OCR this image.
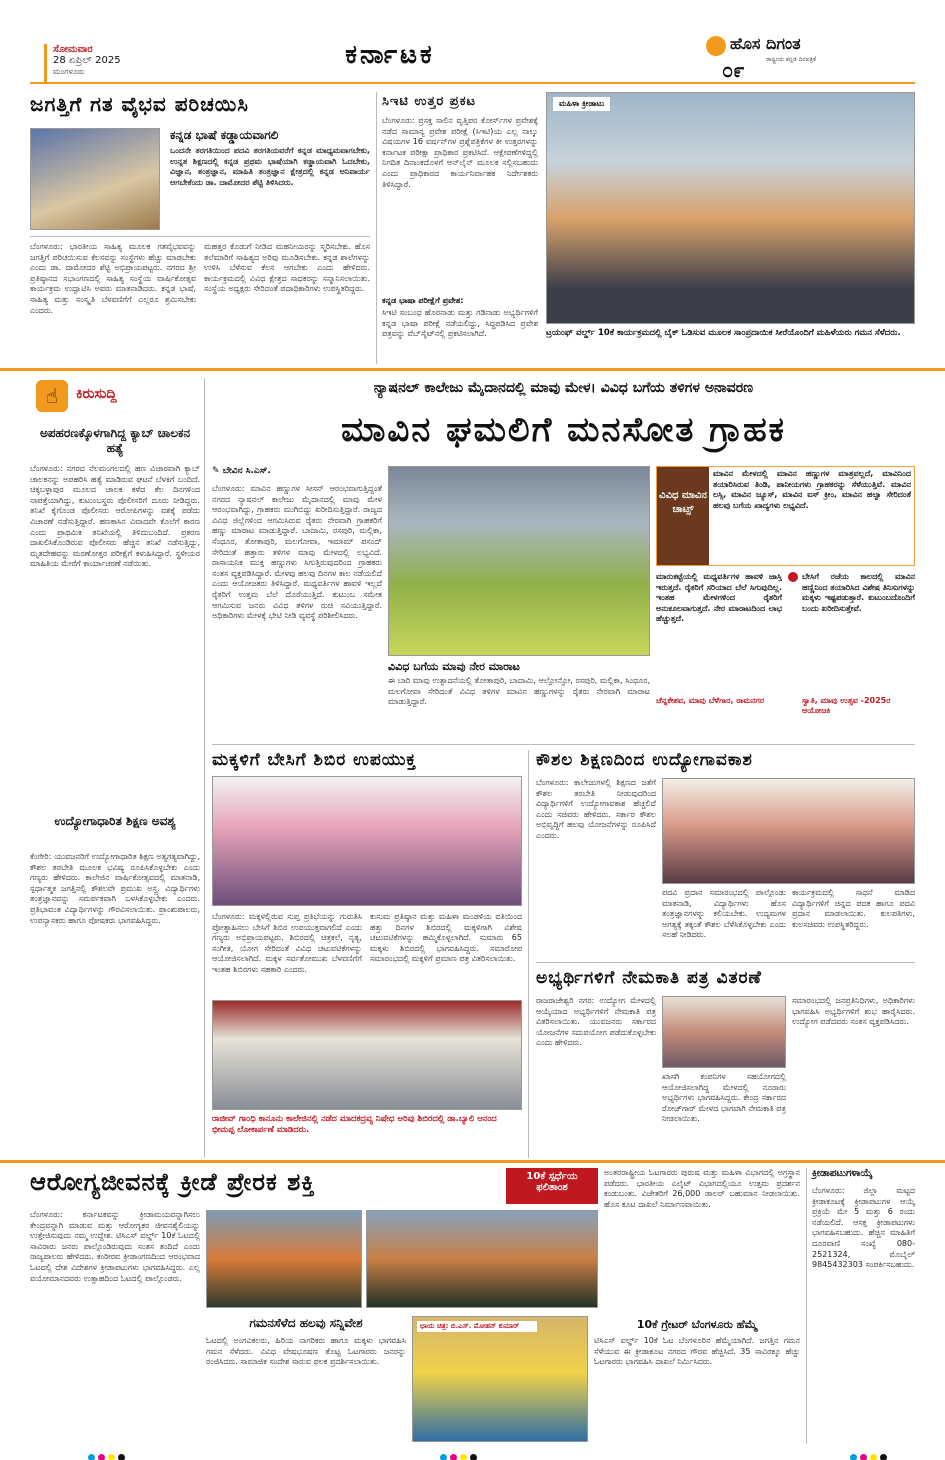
ಸೋಮವಾರ
28 ಏಪ್ರಿಲ್ 2025
ಮಂಗಳೂರು
ಕರ್ನಾಟಕ	ಹೊಸ ದಿಗಂತ
ರಾಷ್ಟ್ರೀಯ ಕನ್ನಡ ದಿನಪತ್ರಿಕೆ
೦೯
ಜಗತ್ತಿಗೆ ಗತ ವೈಭವ ಪರಿಚಯಿಸಿ
ಕನ್ನಡ ಭಾಷೆ ಕಡ್ಡಾಯವಾಗಲಿ
ಒಂದನೇ ತರಗತಿಯಿಂದ ಪದವಿ ತರಗತಿಯವರೆಗೆ ಕನ್ನಡ ಮಾಧ್ಯಮವಾಗಬೇಕು, ಉನ್ನತ ಶಿಕ್ಷಣದಲ್ಲಿ ಕನ್ನಡ ಪ್ರಥಮ ಭಾಷೆಯಾಗಿ ಕಡ್ಡಾಯವಾಗಿ ಓದಬೇಕು, ವಿಜ್ಞಾನ, ತಂತ್ರಜ್ಞಾನ, ಮಾಹಿತಿ ತಂತ್ರಜ್ಞಾನ ಕ್ಷೇತ್ರದಲ್ಲಿ ಕನ್ನಡ ಅನಿವಾರ್ಯ ಆಗಬೇಕೆಂದು ಡಾ. ದಾಮೋದರ ಶೆಟ್ಟಿ ತಿಳಿಸಿದರು.
ಬೆಂಗಳೂರು: ಭಾರತೀಯ ಸಾಹಿತ್ಯ ಮೂಲಕ ಗತವೈಭವವನ್ನು ಜಗತ್ತಿಗೆ ಪರಿಚಯಿಸುವ ಕೆಲಸವನ್ನು ಸಂಸ್ಥೆಗಳು ಹೆಚ್ಚು ಮಾಡಬೇಕು ಎಂದು ಡಾ. ದಾಮೋದರ ಶೆಟ್ಟಿ ಅಭಿಪ್ರಾಯಪಟ್ಟರು. ನಗರದ ಶ್ರೀ ಪ್ರತಿಷ್ಠಾನದ ಸಭಾಂಗಣದಲ್ಲಿ ಸಾಹಿತ್ಯ ಸಂಸ್ಥೆಯ ವಾರ್ಷಿಕೋತ್ಸವ ಕಾರ್ಯಕ್ರಮ ಉದ್ಘಾಟಿಸಿ ಅವರು ಮಾತನಾಡಿದರು. ಕನ್ನಡ ಭಾಷೆ, ಸಾಹಿತ್ಯ ಮತ್ತು ಸಂಸ್ಕೃತಿ ಬೆಳವಣಿಗೆಗೆ ಎಲ್ಲರೂ ಶ್ರಮಿಸಬೇಕು ಎಂದರು.
ಮಹತ್ತರ ಕೊಡುಗೆ ನೀಡಿದ ಮಹನೀಯರನ್ನು ಸ್ಮರಿಸಬೇಕು. ಹೊಸ ತಲೆಮಾರಿಗೆ ಸಾಹಿತ್ಯದ ಅರಿವು ಮೂಡಿಸಬೇಕು. ಕನ್ನಡ ಶಾಲೆಗಳನ್ನು ಉಳಿಸಿ ಬೆಳೆಸುವ ಕೆಲಸ ಆಗಬೇಕು ಎಂದು ಹೇಳಿದರು. ಕಾರ್ಯಕ್ರಮದಲ್ಲಿ ವಿವಿಧ ಕ್ಷೇತ್ರದ ಸಾಧಕರನ್ನು ಸನ್ಮಾನಿಸಲಾಯಿತು. ಸಂಸ್ಥೆಯ ಅಧ್ಯಕ್ಷರು ಸೇರಿದಂತೆ ಪದಾಧಿಕಾರಿಗಳು ಉಪಸ್ಥಿತರಿದ್ದರು.
ಸಿಇಟಿ ಉತ್ತರ ಪ್ರಕಟ
ಬೆಂಗಳೂರು: ಪ್ರಸಕ್ತ ಸಾಲಿನ ವೃತ್ತಿಪರ ಕೋರ್ಸ್‌ಗಳ ಪ್ರವೇಶಕ್ಕೆ ನಡೆದ ಸಾಮಾನ್ಯ ಪ್ರವೇಶ ಪರೀಕ್ಷೆ (ಸಿಇಟಿ)ಯ ಎಲ್ಲ ನಾಲ್ಕು ವಿಷಯಗಳ 16 ವರ್ಷನ್‌ಗಳ ಪ್ರಶ್ನೆಪತ್ರಿಕೆಗಳ ಕೀ ಉತ್ತರಗಳನ್ನು ಕರ್ನಾಟಕ ಪರೀಕ್ಷಾ ಪ್ರಾಧಿಕಾರ ಪ್ರಕಟಿಸಿದೆ. ಆಕ್ಷೇಪಣೆಗಳಿದ್ದಲ್ಲಿ ನಿಗದಿತ ದಿನಾಂಕದೊಳಗೆ ಆನ್‌ಲೈನ್ ಮೂಲಕ ಸಲ್ಲಿಸಬಹುದು ಎಂದು ಪ್ರಾಧಿಕಾರದ ಕಾರ್ಯನಿರ್ವಾಹಕ ನಿರ್ದೇಶಕರು ತಿಳಿಸಿದ್ದಾರೆ.
ಕನ್ನಡ ಭಾಷಾ ಪರೀಕ್ಷೆಗೆ ಪ್ರವೇಶ:
ಸಿಇಟಿ ಸಂಬಂಧ ಹೊರನಾಡು ಮತ್ತು ಗಡಿನಾಡು ಅಭ್ಯರ್ಥಿಗಳಿಗೆ ಕನ್ನಡ ಭಾಷಾ ಪರೀಕ್ಷೆ ನಡೆಯಲಿದ್ದು, ಸಿದ್ಧಪಡಿಸಿದ ಪ್ರವೇಶ ಪತ್ರವನ್ನು ವೆಬ್‌ಸೈಟ್‌ನಲ್ಲಿ ಪ್ರಕಟಿಸಲಾಗಿದೆ.
ಮಹಿಳಾ ಕ್ರೀಡಾಟು
ಟ್ರಯಂಫ್ ವರ್ಲ್ಡ್ 10ಕೆ ಕಾರ್ಯಕ್ರಮದಲ್ಲಿ ಬೈಕ್ ಓಡಿಸುವ ಮೂಲಕ ಸಾಂಪ್ರದಾಯಿಕ ಸೀರೆಯೊಂದಿಗೆ ಮಹಿಳೆಯರು ಗಮನ ಸೆಳೆದರು.
☝	ಕಿರುಸುದ್ದಿ
ಅಪಹರಣಕ್ಕೊಳಗಾಗಿದ್ದ ಕ್ಯಾಬ್ ಚಾಲಕನ ಹತ್ಯೆ
ಬೆಂಗಳೂರು: ನಗರದ ನೆಲಮಂಗಲದಲ್ಲಿ ಹಣ ವಿಚಾರವಾಗಿ ಕ್ಯಾಬ್ ಚಾಲಕನನ್ನು ಅಪಹರಿಸಿ ಹತ್ಯೆ ಮಾಡಿರುವ ಘಟನೆ ಬೆಳಕಿಗೆ ಬಂದಿದೆ. ಚಿಕ್ಕಬಳ್ಳಾಪುರ ಮೂಲದ ಚಾಲಕ ಕಳೆದ ಕೆಲ ದಿನಗಳಿಂದ ನಾಪತ್ತೆಯಾಗಿದ್ದು, ಕುಟುಂಬಸ್ಥರು ಪೊಲೀಸರಿಗೆ ದೂರು ನೀಡಿದ್ದರು. ತನಿಖೆ ಕೈಗೊಂಡ ಪೊಲೀಸರು ಆರೋಪಿಗಳನ್ನು ವಶಕ್ಕೆ ಪಡೆದು ವಿಚಾರಣೆ ನಡೆಸುತ್ತಿದ್ದಾರೆ. ಹಣಕಾಸಿನ ವಿವಾದವೇ ಕೊಲೆಗೆ ಕಾರಣ ಎಂದು ಪ್ರಾಥಮಿಕ ತನಿಖೆಯಲ್ಲಿ ತಿಳಿದುಬಂದಿದೆ. ಪ್ರಕರಣ ದಾಖಲಿಸಿಕೊಂಡಿರುವ ಪೊಲೀಸರು ಹೆಚ್ಚಿನ ತನಿಖೆ ನಡೆಸುತ್ತಿದ್ದು, ಮೃತದೇಹವನ್ನು ಮರಣೋತ್ತರ ಪರೀಕ್ಷೆಗೆ ಕಳುಹಿಸಿದ್ದಾರೆ. ಸ್ಥಳೀಯರ ಮಾಹಿತಿಯ ಮೇರೆಗೆ ಕಾರ್ಯಾಚರಣೆ ನಡೆಯಿತು.
ಉದ್ಯೋಗಾಧಾರಿತ ಶಿಕ್ಷಣ ಅವಶ್ಯ
ಕೆಂಗೇರಿ: ಯುವಜನರಿಗೆ ಉದ್ಯೋಗಾಧಾರಿತ ಶಿಕ್ಷಣ ಅತ್ಯಗತ್ಯವಾಗಿದ್ದು, ಕೌಶಲ ತರಬೇತಿ ಮೂಲಕ ಭವಿಷ್ಯ ರೂಪಿಸಿಕೊಳ್ಳಬೇಕು ಎಂದು ಗಣ್ಯರು ಹೇಳಿದರು. ಕಾಲೇಜಿನ ವಾರ್ಷಿಕೋತ್ಸವದಲ್ಲಿ ಮಾತನಾಡಿ, ಸ್ಪರ್ಧಾತ್ಮಕ ಜಗತ್ತಿನಲ್ಲಿ ಕೌಶಲವೇ ಪ್ರಮುಖ ಅಸ್ತ್ರ. ವಿದ್ಯಾರ್ಥಿಗಳು ತಂತ್ರಜ್ಞಾನವನ್ನು ಸಮರ್ಪಕವಾಗಿ ಬಳಸಿಕೊಳ್ಳಬೇಕು ಎಂದರು. ಪ್ರತಿಭಾವಂತ ವಿದ್ಯಾರ್ಥಿಗಳನ್ನು ಗೌರವಿಸಲಾಯಿತು. ಪ್ರಾಂಶುಪಾಲರು, ಉಪನ್ಯಾಸಕರು ಹಾಗೂ ಪೋಷಕರು ಭಾಗವಹಿಸಿದ್ದರು.
ನ್ಯಾಷನಲ್ ಕಾಲೇಜು ಮೈದಾನದಲ್ಲಿ ಮಾವು ಮೇಳ। ವಿವಿಧ ಬಗೆಯ ತಳಿಗಳ ಅನಾವರಣ
ಮಾವಿನ ಘಮಲಿಗೆ ಮನಸೋತ ಗ್ರಾಹಕ
✎ ಬೇವಿನ ಸಿ.ಎಸ್.
ಬೆಂಗಳೂರು: ಮಾವಿನ ಹಣ್ಣುಗಳ ಸೀಸನ್ ಆರಂಭವಾಗುತ್ತಿದ್ದಂತೆ ನಗರದ ನ್ಯಾಷನಲ್ ಕಾಲೇಜು ಮೈದಾನದಲ್ಲಿ ಮಾವು ಮೇಳ ಆರಂಭವಾಗಿದ್ದು, ಗ್ರಾಹಕರು ಮುಗಿಬಿದ್ದು ಖರೀದಿಸುತ್ತಿದ್ದಾರೆ. ರಾಜ್ಯದ ವಿವಿಧ ಜಿಲ್ಲೆಗಳಿಂದ ಆಗಮಿಸಿರುವ ರೈತರು ನೇರವಾಗಿ ಗ್ರಾಹಕರಿಗೆ ಹಣ್ಣು ಮಾರಾಟ ಮಾಡುತ್ತಿದ್ದಾರೆ. ಬಾದಾಮಿ, ರಸಪುರಿ, ಮಲ್ಲಿಕಾ, ಸೆಂಧೂರ, ತೋತಾಪುರಿ, ಮಲಗೋವಾ, ಇಮಾಮ್ ಪಸಂದ್ ಸೇರಿದಂತೆ ಹತ್ತಾರು ತಳಿಗಳ ಮಾವು ಮೇಳದಲ್ಲಿ ಲಭ್ಯವಿದೆ. ರಾಸಾಯನಿಕ ಮುಕ್ತ ಹಣ್ಣುಗಳು ಸಿಗುತ್ತಿರುವುದರಿಂದ ಗ್ರಾಹಕರು ಸಂತಸ ವ್ಯಕ್ತಪಡಿಸಿದ್ದಾರೆ. ಮೇಳವು ಹಲವು ದಿನಗಳ ಕಾಲ ನಡೆಯಲಿದೆ ಎಂದು ಆಯೋಜಕರು ತಿಳಿಸಿದ್ದಾರೆ. ಮಧ್ಯವರ್ತಿಗಳ ಹಾವಳಿ ಇಲ್ಲದೆ ರೈತರಿಗೆ ಉತ್ತಮ ಬೆಲೆ ದೊರೆಯುತ್ತಿದೆ. ಕುಟುಂಬ ಸಮೇತ ಆಗಮಿಸುವ ಜನರು ವಿವಿಧ ತಳಿಗಳ ರುಚಿ ಸವಿಯುತ್ತಿದ್ದಾರೆ. ಅಧಿಕಾರಿಗಳು ಮೇಳಕ್ಕೆ ಭೇಟಿ ನೀಡಿ ವ್ಯವಸ್ಥೆ ಪರಿಶೀಲಿಸಿದರು.
ವಿವಿಧ ಬಗೆಯ ಮಾವು ನೇರ ಮಾರಾಟ
ಈ ಬಾರಿ ಮಾವು ಉತ್ಪಾದನೆಯಲ್ಲಿ ತೋತಾಪುರಿ, ಬಾದಾಮಿ, ಆಲ್ಫೋನ್ಸೋ, ರಸಪುರಿ, ಮಲ್ಲಿಕಾ, ಸಿಂಧೂರ, ಮಲಗೋವಾ ಸೇರಿದಂತೆ ವಿವಿಧ ತಳಿಗಳ ಮಾವಿನ ಹಣ್ಣುಗಳನ್ನು ರೈತರು ನೇರವಾಗಿ ಮಾರಾಟ ಮಾಡುತ್ತಿದ್ದಾರೆ.
ವಿವಿಧ ಮಾವಿನ ಚಾಟ್ಸ್
ಮಾವಿನ ಮೇಳದಲ್ಲಿ ಮಾವಿನ ಹಣ್ಣುಗಳ ಮಾತ್ರವಲ್ಲದೆ, ಮಾವಿನಿಂದ ತಯಾರಿಸಿರುವ ತಿಂಡಿ, ಪಾನೀಯಗಳು ಗ್ರಾಹಕರನ್ನು ಸೆಳೆಯುತ್ತಿವೆ. ಮಾವಿನ ಲಸ್ಸಿ, ಮಾವಿನ ಜ್ಯೂಸ್, ಮಾವಿನ ಐಸ್ ಕ್ರೀಂ, ಮಾವಿನ ಹಲ್ವಾ ಸೇರಿದಂತೆ ಹಲವು ಬಗೆಯ ಖಾದ್ಯಗಳು ಲಭ್ಯವಿದೆ.
ಮಾರುಕಟ್ಟೆಯಲ್ಲಿ ಮಧ್ಯವರ್ತಿಗಳ ಹಾವಳಿ ಜಾಸ್ತಿ ಇರುತ್ತದೆ. ರೈತರಿಗೆ ಸರಿಯಾದ ಬೆಲೆ ಸಿಗುವುದಿಲ್ಲ. ಇಂತಹ ಮೇಳಗಳಿಂದ ರೈತರಿಗೆ ಅನುಕೂಲವಾಗುತ್ತದೆ. ನೇರ ಮಾರಾಟದಿಂದ ಲಾಭ ಹೆಚ್ಚುತ್ತದೆ.
ಚೆನ್ನಕೇಶವ, ಮಾವು ಬೆಳೆಗಾರ, ರಾಮನಗರ
ಬೇಸಿಗೆ ರಜೆಯ ಕಾಲದಲ್ಲಿ ಮಾವಿನ ಹಣ್ಣಿನಿಂದ ತಯಾರಿಸಿದ ವಿಶೇಷ ತಿನಿಸುಗಳನ್ನು ಮಕ್ಕಳು ಇಷ್ಟಪಡುತ್ತಾರೆ. ಕುಟುಂಬದೊಂದಿಗೆ ಬಂದು ಖರೀದಿಸುತ್ತೇವೆ.
ಸ್ವಾತಿ, ಮಾವು ಉತ್ಸವ -2025ರ ಆಯೋಜಕಿ
ಮಕ್ಕಳಿಗೆ ಬೇಸಿಗೆ ಶಿಬಿರ ಉಪಯುಕ್ತ
ಬೆಂಗಳೂರು: ಮಕ್ಕಳಲ್ಲಿರುವ ಸುಪ್ತ ಪ್ರತಿಭೆಯನ್ನು ಗುರುತಿಸಿ ಪ್ರೋತ್ಸಾಹಿಸಲು ಬೇಸಿಗೆ ಶಿಬಿರ ಉಪಯುಕ್ತವಾಗಲಿದೆ ಎಂದು ಗಣ್ಯರು ಅಭಿಪ್ರಾಯಪಟ್ಟರು. ಶಿಬಿರದಲ್ಲಿ ಚಿತ್ರಕಲೆ, ನೃತ್ಯ, ಸಂಗೀತ, ಯೋಗ ಸೇರಿದಂತೆ ವಿವಿಧ ಚಟುವಟಿಕೆಗಳನ್ನು ಆಯೋಜಿಸಲಾಗಿದೆ. ಮಕ್ಕಳ ಸರ್ವತೋಮುಖ ಬೆಳವಣಿಗೆಗೆ ಇಂತಹ ಶಿಬಿರಗಳು ಸಹಕಾರಿ ಎಂದರು.
ಕುಸುಮ ಪ್ರತಿಷ್ಠಾನ ಮತ್ತು ಮಹಿಳಾ ಮಂಡಳಿಯ ವತಿಯಿಂದ ಹತ್ತು ದಿನಗಳ ಶಿಬಿರದಲ್ಲಿ ಮಕ್ಕಳಿಗಾಗಿ ವಿಶೇಷ ಚಟುವಟಿಕೆಗಳನ್ನು ಹಮ್ಮಿಕೊಳ್ಳಲಾಗಿದೆ. ಸುಮಾರು 65 ಮಕ್ಕಳು ಶಿಬಿರದಲ್ಲಿ ಭಾಗವಹಿಸಿದ್ದರು. ಸಮಾರೋಪ ಸಮಾರಂಭದಲ್ಲಿ ಮಕ್ಕಳಿಗೆ ಪ್ರಮಾಣ ಪತ್ರ ವಿತರಿಸಲಾಯಿತು.
ರಾಜೀವ್ ಗಾಂಧಿ ಕಾನೂನು ಕಾಲೇಜಿನಲ್ಲಿ ನಡೆದ ಮಾದಕದ್ರವ್ಯ ನಿಷೇಧ ಅರಿವು ಶಿಬಿರದಲ್ಲಿ ಡಾ.ಬ್ಯಾಲಿ ಆನಂದ ಭೀಮಪ್ಪ ಲೋಕಾರ್ಪಣೆ ಮಾಡಿದರು.
ಕೌಶಲ ಶಿಕ್ಷಣದಿಂದ ಉದ್ಯೋಗಾವಕಾಶ
ಬೆಂಗಳೂರು: ಕಾಲೇಜುಗಳಲ್ಲಿ ಶಿಕ್ಷಣದ ಜತೆಗೆ ಕೌಶಲ ತರಬೇತಿ ನೀಡುವುದರಿಂದ ವಿದ್ಯಾರ್ಥಿಗಳಿಗೆ ಉದ್ಯೋಗಾವಕಾಶ ಹೆಚ್ಚಲಿದೆ ಎಂದು ಸಚಿವರು ಹೇಳಿದರು. ಸರ್ಕಾರ ಕೌಶಲ ಅಭಿವೃದ್ಧಿಗೆ ಹಲವು ಯೋಜನೆಗಳನ್ನು ರೂಪಿಸಿದೆ ಎಂದರು.
ಪದವಿ ಪ್ರದಾನ ಸಮಾರಂಭದಲ್ಲಿ ಪಾಲ್ಗೊಂಡು ಮಾತನಾಡಿ, ವಿದ್ಯಾರ್ಥಿಗಳು ಹೊಸ ತಂತ್ರಜ್ಞಾನಗಳನ್ನು ಕಲಿಯಬೇಕು. ಉದ್ಯಮಗಳ ಅಗತ್ಯಕ್ಕೆ ತಕ್ಕಂತೆ ಕೌಶಲ ಬೆಳೆಸಿಕೊಳ್ಳಬೇಕು ಎಂದು ಸಲಹೆ ನೀಡಿದರು.
ಕಾರ್ಯಕ್ರಮದಲ್ಲಿ ಸಾಧನೆ ಮಾಡಿದ ವಿದ್ಯಾರ್ಥಿಗಳಿಗೆ ಚಿನ್ನದ ಪದಕ ಹಾಗೂ ಪದವಿ ಪ್ರದಾನ ಮಾಡಲಾಯಿತು. ಕುಲಪತಿಗಳು, ಕುಲಸಚಿವರು ಉಪಸ್ಥಿತರಿದ್ದರು.
ಅಭ್ಯರ್ಥಿಗಳಿಗೆ ನೇಮಕಾತಿ ಪತ್ರ ವಿತರಣೆ
ರಾಜರಾಜೇಶ್ವರಿ ನಗರ: ಉದ್ಯೋಗ ಮೇಳದಲ್ಲಿ ಆಯ್ಕೆಯಾದ ಅಭ್ಯರ್ಥಿಗಳಿಗೆ ನೇಮಕಾತಿ ಪತ್ರ ವಿತರಿಸಲಾಯಿತು. ಯುವಜನರು ಸರ್ಕಾರದ ಯೋಜನೆಗಳ ಸದುಪಯೋಗ ಪಡೆದುಕೊಳ್ಳಬೇಕು ಎಂದು ಹೇಳಿದರು.
ಖಾಸಗಿ ಕಂಪನಿಗಳ ಸಹಯೋಗದಲ್ಲಿ ಆಯೋಜಿಸಲಾಗಿದ್ದ ಮೇಳದಲ್ಲಿ ನೂರಾರು ಅಭ್ಯರ್ಥಿಗಳು ಭಾಗವಹಿಸಿದ್ದರು. ಕೇಂದ್ರ ಸರ್ಕಾರದ ರೋಜ್‌ಗಾರ್ ಮೇಳದ ಭಾಗವಾಗಿ ನೇಮಕಾತಿ ಪತ್ರ ನೀಡಲಾಯಿತು.
ಸಮಾರಂಭದಲ್ಲಿ ಜನಪ್ರತಿನಿಧಿಗಳು, ಅಧಿಕಾರಿಗಳು ಭಾಗವಹಿಸಿ ಅಭ್ಯರ್ಥಿಗಳಿಗೆ ಶುಭ ಹಾರೈಸಿದರು. ಉದ್ಯೋಗ ಪಡೆದವರು ಸಂತಸ ವ್ಯಕ್ತಪಡಿಸಿದರು.
ಆರೋಗ್ಯಜೀವನಕ್ಕೆ ಕ್ರೀಡೆ ಪ್ರೇರಕ ಶಕ್ತಿ	10ಕೆ ಸ್ಪರ್ಧೆಯ
ಫಲಿತಾಂಶ
ಅಂತರರಾಷ್ಟ್ರೀಯ ಓಟಗಾರರು ಪುರುಷ ಮತ್ತು ಮಹಿಳಾ ವಿಭಾಗದಲ್ಲಿ ಅಗ್ರಸ್ಥಾನ ಪಡೆದರು. ಭಾರತೀಯ ಎಲೈಟ್ ವಿಭಾಗದಲ್ಲಿಯೂ ಉತ್ತಮ ಪ್ರದರ್ಶನ ಕಂಡುಬಂತು. ವಿಜೇತರಿಗೆ 26,000 ಡಾಲರ್ ಬಹುಮಾನ ನೀಡಲಾಯಿತು. ಹೊಸ ಕೂಟ ದಾಖಲೆ ನಿರ್ಮಾಣವಾಯಿತು.
ಬೆಂಗಳೂರು: ಕರ್ನಾಟಕವನ್ನು ಕ್ರೀಡಾಮಯವನ್ನಾಗಿಸಲು ಕೇಂದ್ರವನ್ನಾಗಿ ಮಾಡುವ ಮತ್ತು ಆರೋಗ್ಯಕರ ಜೀವನಶೈಲಿಯನ್ನು ಉತ್ತೇಜಿಸುವುದು ನಮ್ಮ ಉದ್ದೇಶ. ಟಿಸಿಎಸ್ ವರ್ಲ್ಡ್ 10ಕೆ ಓಟದಲ್ಲಿ ಸಾವಿರಾರು ಜನರು ಪಾಲ್ಗೊಂಡಿರುವುದು ಸಂತಸ ತಂದಿದೆ ಎಂದು ರಾಜ್ಯಪಾಲರು ಹೇಳಿದರು. ಕಂಠೀರವ ಕ್ರೀಡಾಂಗಣದಿಂದ ಆರಂಭವಾದ ಓಟದಲ್ಲಿ ದೇಶ ವಿದೇಶಗಳ ಕ್ರೀಡಾಪಟುಗಳು ಭಾಗವಹಿಸಿದ್ದರು. ಎಲ್ಲ ವಯೋಮಾನದವರು ಉತ್ಸಾಹದಿಂದ ಓಟದಲ್ಲಿ ಪಾಲ್ಗೊಂಡರು.
ಗಮನಸೆಳೆದ ಹಲವು ಸನ್ನಿವೇಶ
ಓಟದಲ್ಲಿ ಅಂಗವಿಕಲರು, ಹಿರಿಯ ನಾಗರಿಕರು ಹಾಗೂ ಮಕ್ಕಳು ಭಾಗವಹಿಸಿ ಗಮನ ಸೆಳೆದರು. ವಿವಿಧ ವೇಷಭೂಷಣ ತೊಟ್ಟ ಓಟಗಾರರು ಜನರನ್ನು ರಂಜಿಸಿದರು. ಸಾಮಾಜಿಕ ಸಂದೇಶ ಸಾರುವ ಫಲಕ ಪ್ರದರ್ಶಿಸಲಾಯಿತು.
ಛಾಯ ಚಿತ್ರ: ಬಿ.ಎಸ್. ಮೋಹನ್ ಕುಮಾರ್	10ಕೆ ಗ್ರೇಟರ್ ಬೆಂಗಳೂರು ಹೆಮ್ಮೆ
ಟಿಸಿಎಸ್ ವರ್ಲ್ಡ್ 10ಕೆ ಓಟ ಬೆಂಗಳೂರಿನ ಹೆಮ್ಮೆಯಾಗಿದೆ. ಜಗತ್ತಿನ ಗಮನ ಸೆಳೆಯುವ ಈ ಕ್ರೀಡಾಕೂಟ ನಗರದ ಗೌರವ ಹೆಚ್ಚಿಸಿದೆ. 35 ಸಾವಿರಕ್ಕೂ ಹೆಚ್ಚು ಓಟಗಾರರು ಭಾಗವಹಿಸಿ ದಾಖಲೆ ನಿರ್ಮಿಸಿದರು.
ಕ್ರೀಡಾಪಟುಗಳಾಯ್ಕೆ
ಬೆಂಗಳೂರು: ಜಿಲ್ಲಾ ಮಟ್ಟದ ಕ್ರೀಡಾಕೂಟಕ್ಕೆ ಕ್ರೀಡಾಪಟುಗಳ ಆಯ್ಕೆ ಪ್ರಕ್ರಿಯೆ ಮೇ 5 ಮತ್ತು 6 ರಂದು ನಡೆಯಲಿದೆ. ಆಸಕ್ತ ಕ್ರೀಡಾಪಟುಗಳು ಭಾಗವಹಿಸಬಹುದು. ಹೆಚ್ಚಿನ ಮಾಹಿತಿಗೆ ದೂರವಾಣಿ ಸಂಖ್ಯೆ 080-2521324, ಮೊಬೈಲ್ 9845432303 ಸಂಪರ್ಕಿಸಬಹುದು.
